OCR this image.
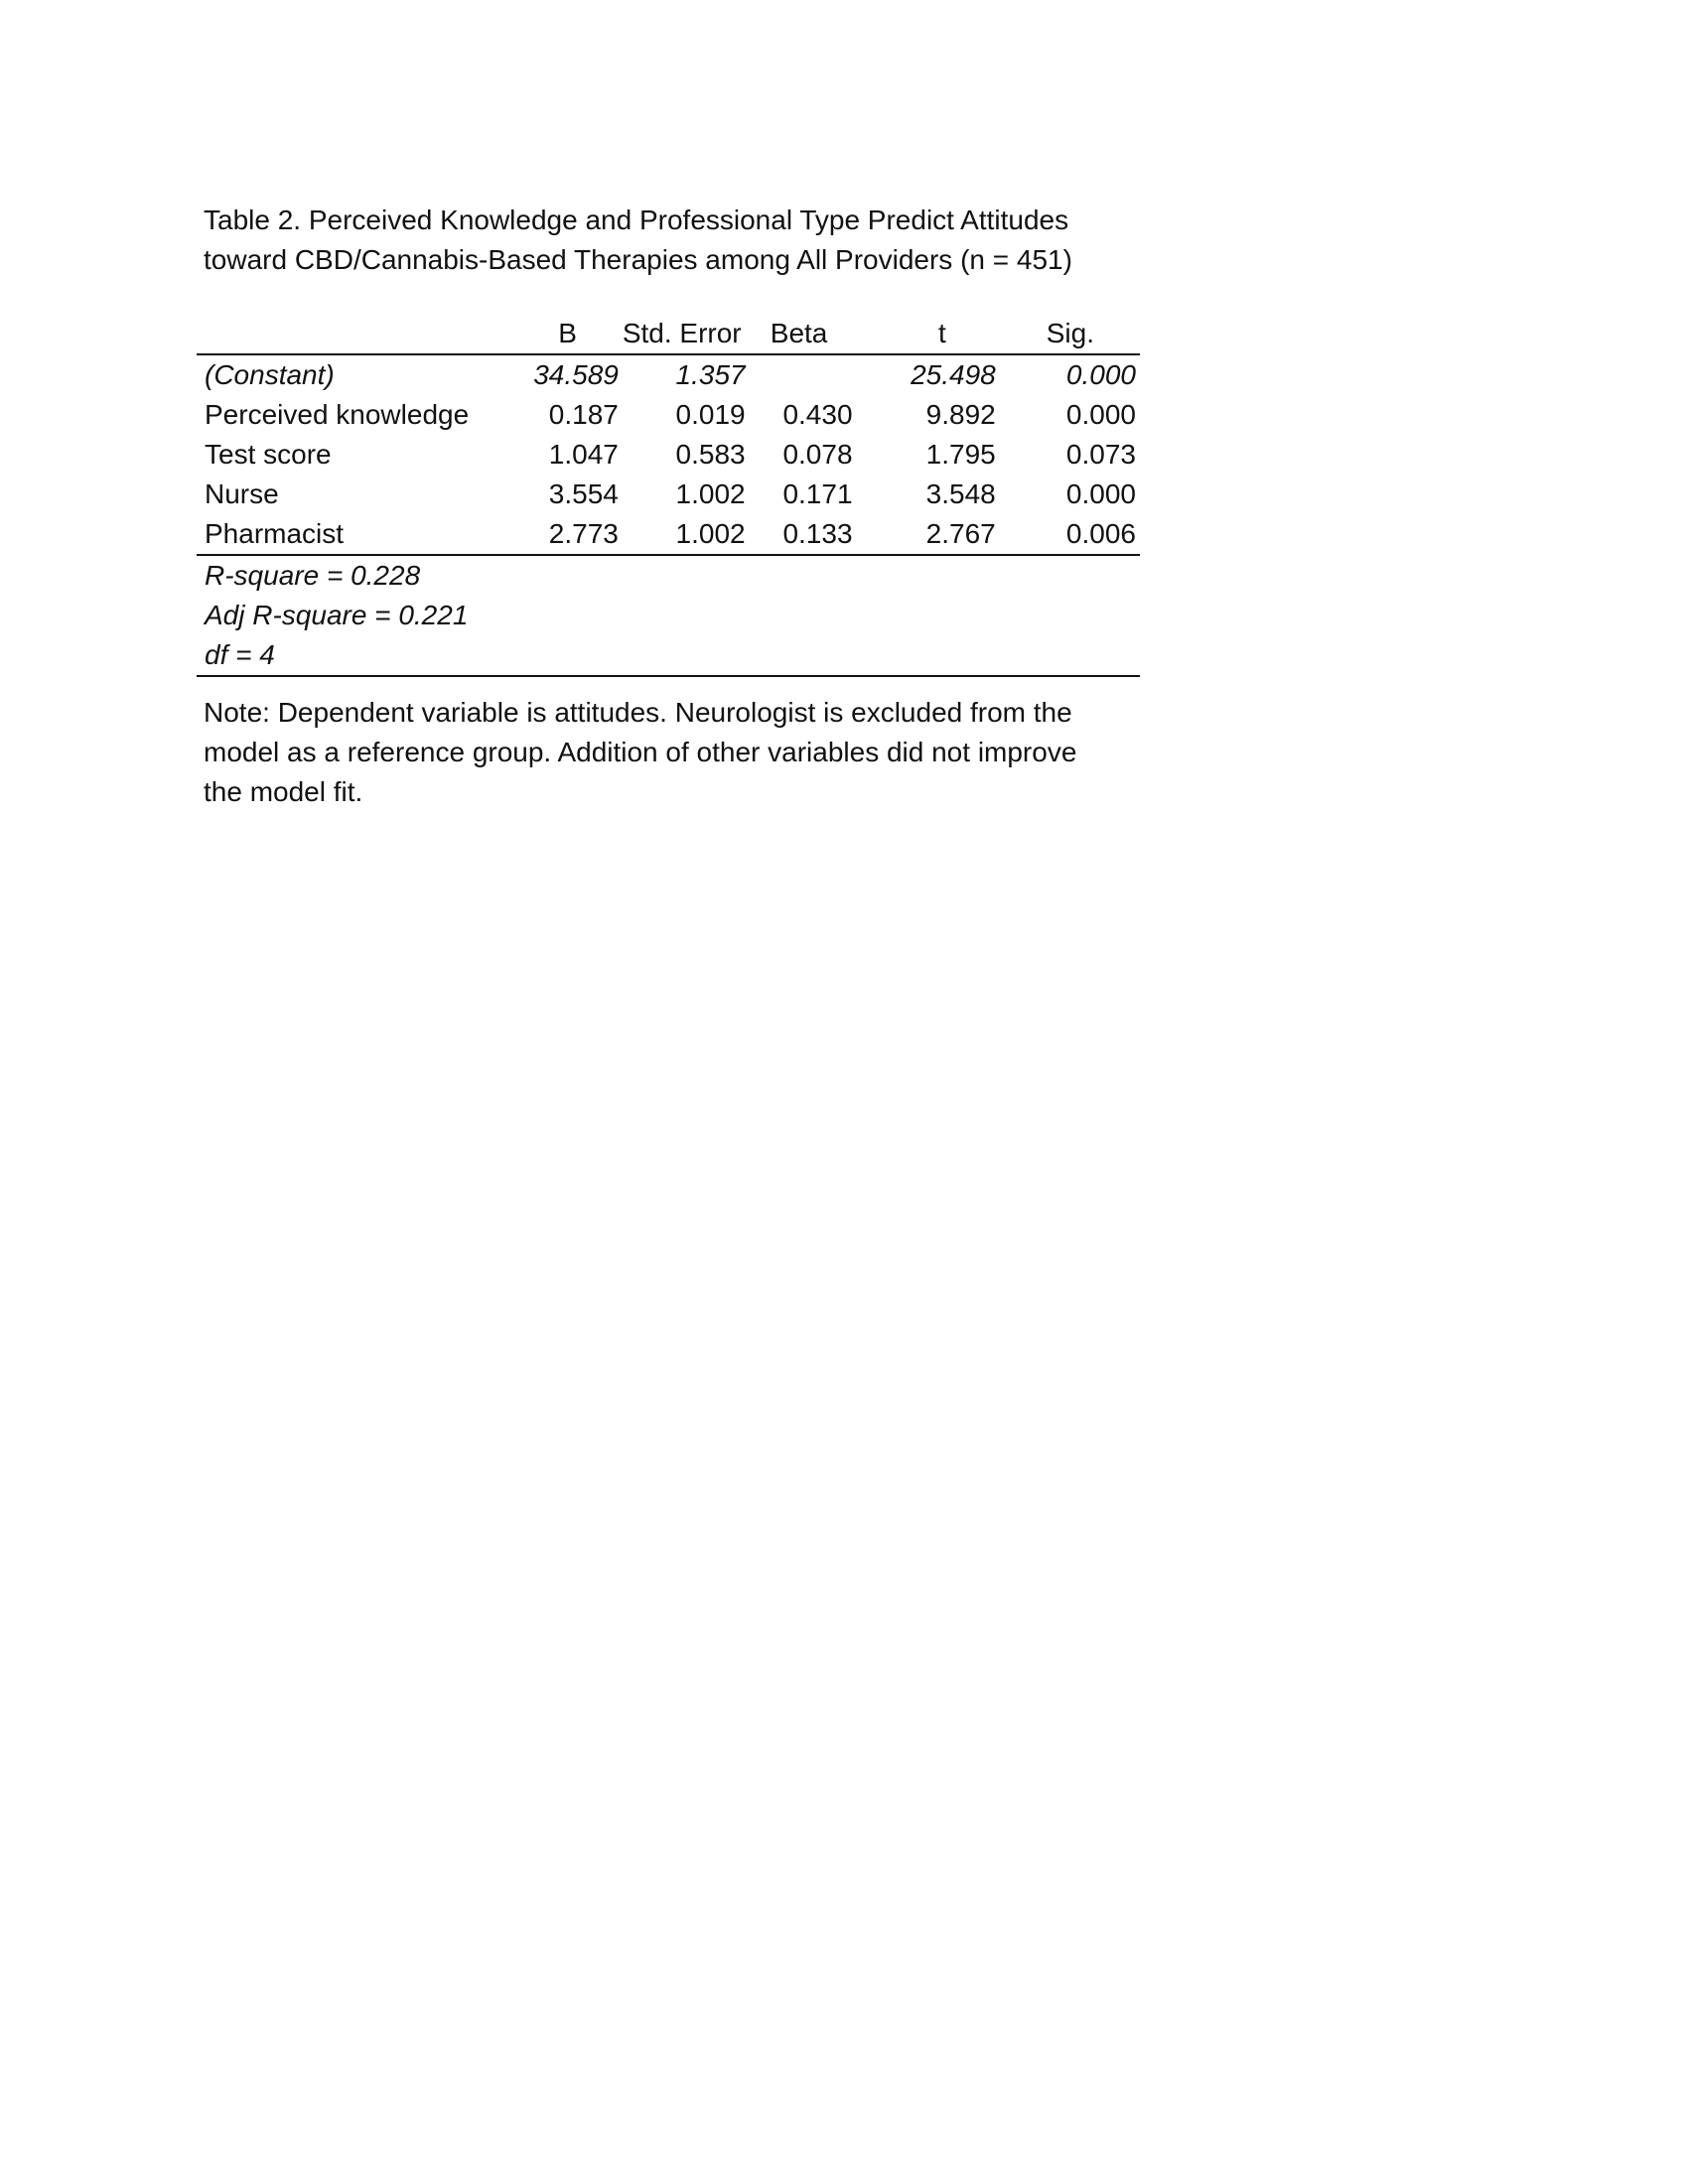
Table 2. Perceived Knowledge and Professional Type Predict Attitudes
toward CBD/Cannabis-Based Therapies among All Providers (n = 451)
	B	Std. Error	Beta	t	Sig.
(Constant)	34.589	1.357		25.498	0.000
Perceived knowledge	0.187	0.019	0.430	9.892	0.000
Test score	1.047	0.583	0.078	1.795	0.073
Nurse	3.554	1.002	0.171	3.548	0.000
Pharmacist	2.773	1.002	0.133	2.767	0.006
R-square = 0.228					
Adj R-square = 0.221					
df = 4					
Note: Dependent variable is attitudes. Neurologist is excluded from the
model as a reference group. Addition of other variables did not improve
the model fit.
